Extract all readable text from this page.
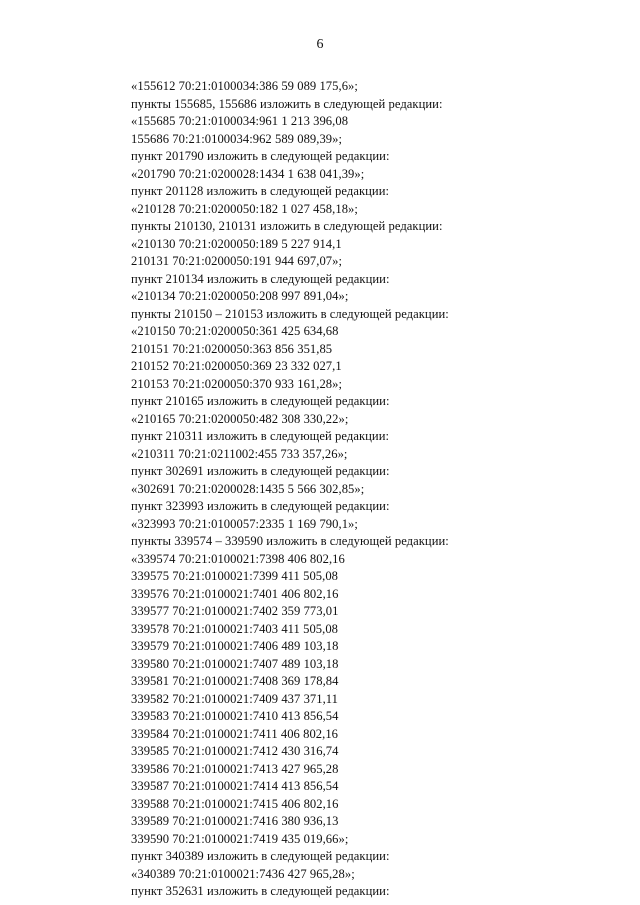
6
«155612 70:21:0100034:386 59 089 175,6»;
пункты 155685, 155686 изложить в следующей редакции:
«155685 70:21:0100034:961 1 213 396,08
155686 70:21:0100034:962 589 089,39»;
пункт 201790 изложить в следующей редакции:
«201790 70:21:0200028:1434 1 638 041,39»;
пункт 201128 изложить в следующей редакции:
«210128 70:21:0200050:182 1 027 458,18»;
пункты 210130, 210131 изложить в следующей редакции:
«210130 70:21:0200050:189 5 227 914,1
210131 70:21:0200050:191 944 697,07»;
пункт 210134 изложить в следующей редакции:
«210134 70:21:0200050:208 997 891,04»;
пункты 210150 – 210153 изложить в следующей редакции:
«210150 70:21:0200050:361 425 634,68
210151 70:21:0200050:363 856 351,85
210152 70:21:0200050:369 23 332 027,1
210153 70:21:0200050:370 933 161,28»;
пункт 210165 изложить в следующей редакции:
«210165 70:21:0200050:482 308 330,22»;
пункт 210311 изложить в следующей редакции:
«210311 70:21:0211002:455 733 357,26»;
пункт 302691 изложить в следующей редакции:
«302691 70:21:0200028:1435 5 566 302,85»;
пункт 323993 изложить в следующей редакции:
«323993 70:21:0100057:2335 1 169 790,1»;
пункты 339574 – 339590 изложить в следующей редакции:
«339574 70:21:0100021:7398 406 802,16
339575 70:21:0100021:7399 411 505,08
339576 70:21:0100021:7401 406 802,16
339577 70:21:0100021:7402 359 773,01
339578 70:21:0100021:7403 411 505,08
339579 70:21:0100021:7406 489 103,18
339580 70:21:0100021:7407 489 103,18
339581 70:21:0100021:7408 369 178,84
339582 70:21:0100021:7409 437 371,11
339583 70:21:0100021:7410 413 856,54
339584 70:21:0100021:7411 406 802,16
339585 70:21:0100021:7412 430 316,74
339586 70:21:0100021:7413 427 965,28
339587 70:21:0100021:7414 413 856,54
339588 70:21:0100021:7415 406 802,16
339589 70:21:0100021:7416 380 936,13
339590 70:21:0100021:7419 435 019,66»;
пункт 340389 изложить в следующей редакции:
«340389 70:21:0100021:7436 427 965,28»;
пункт 352631 изложить в следующей редакции:
